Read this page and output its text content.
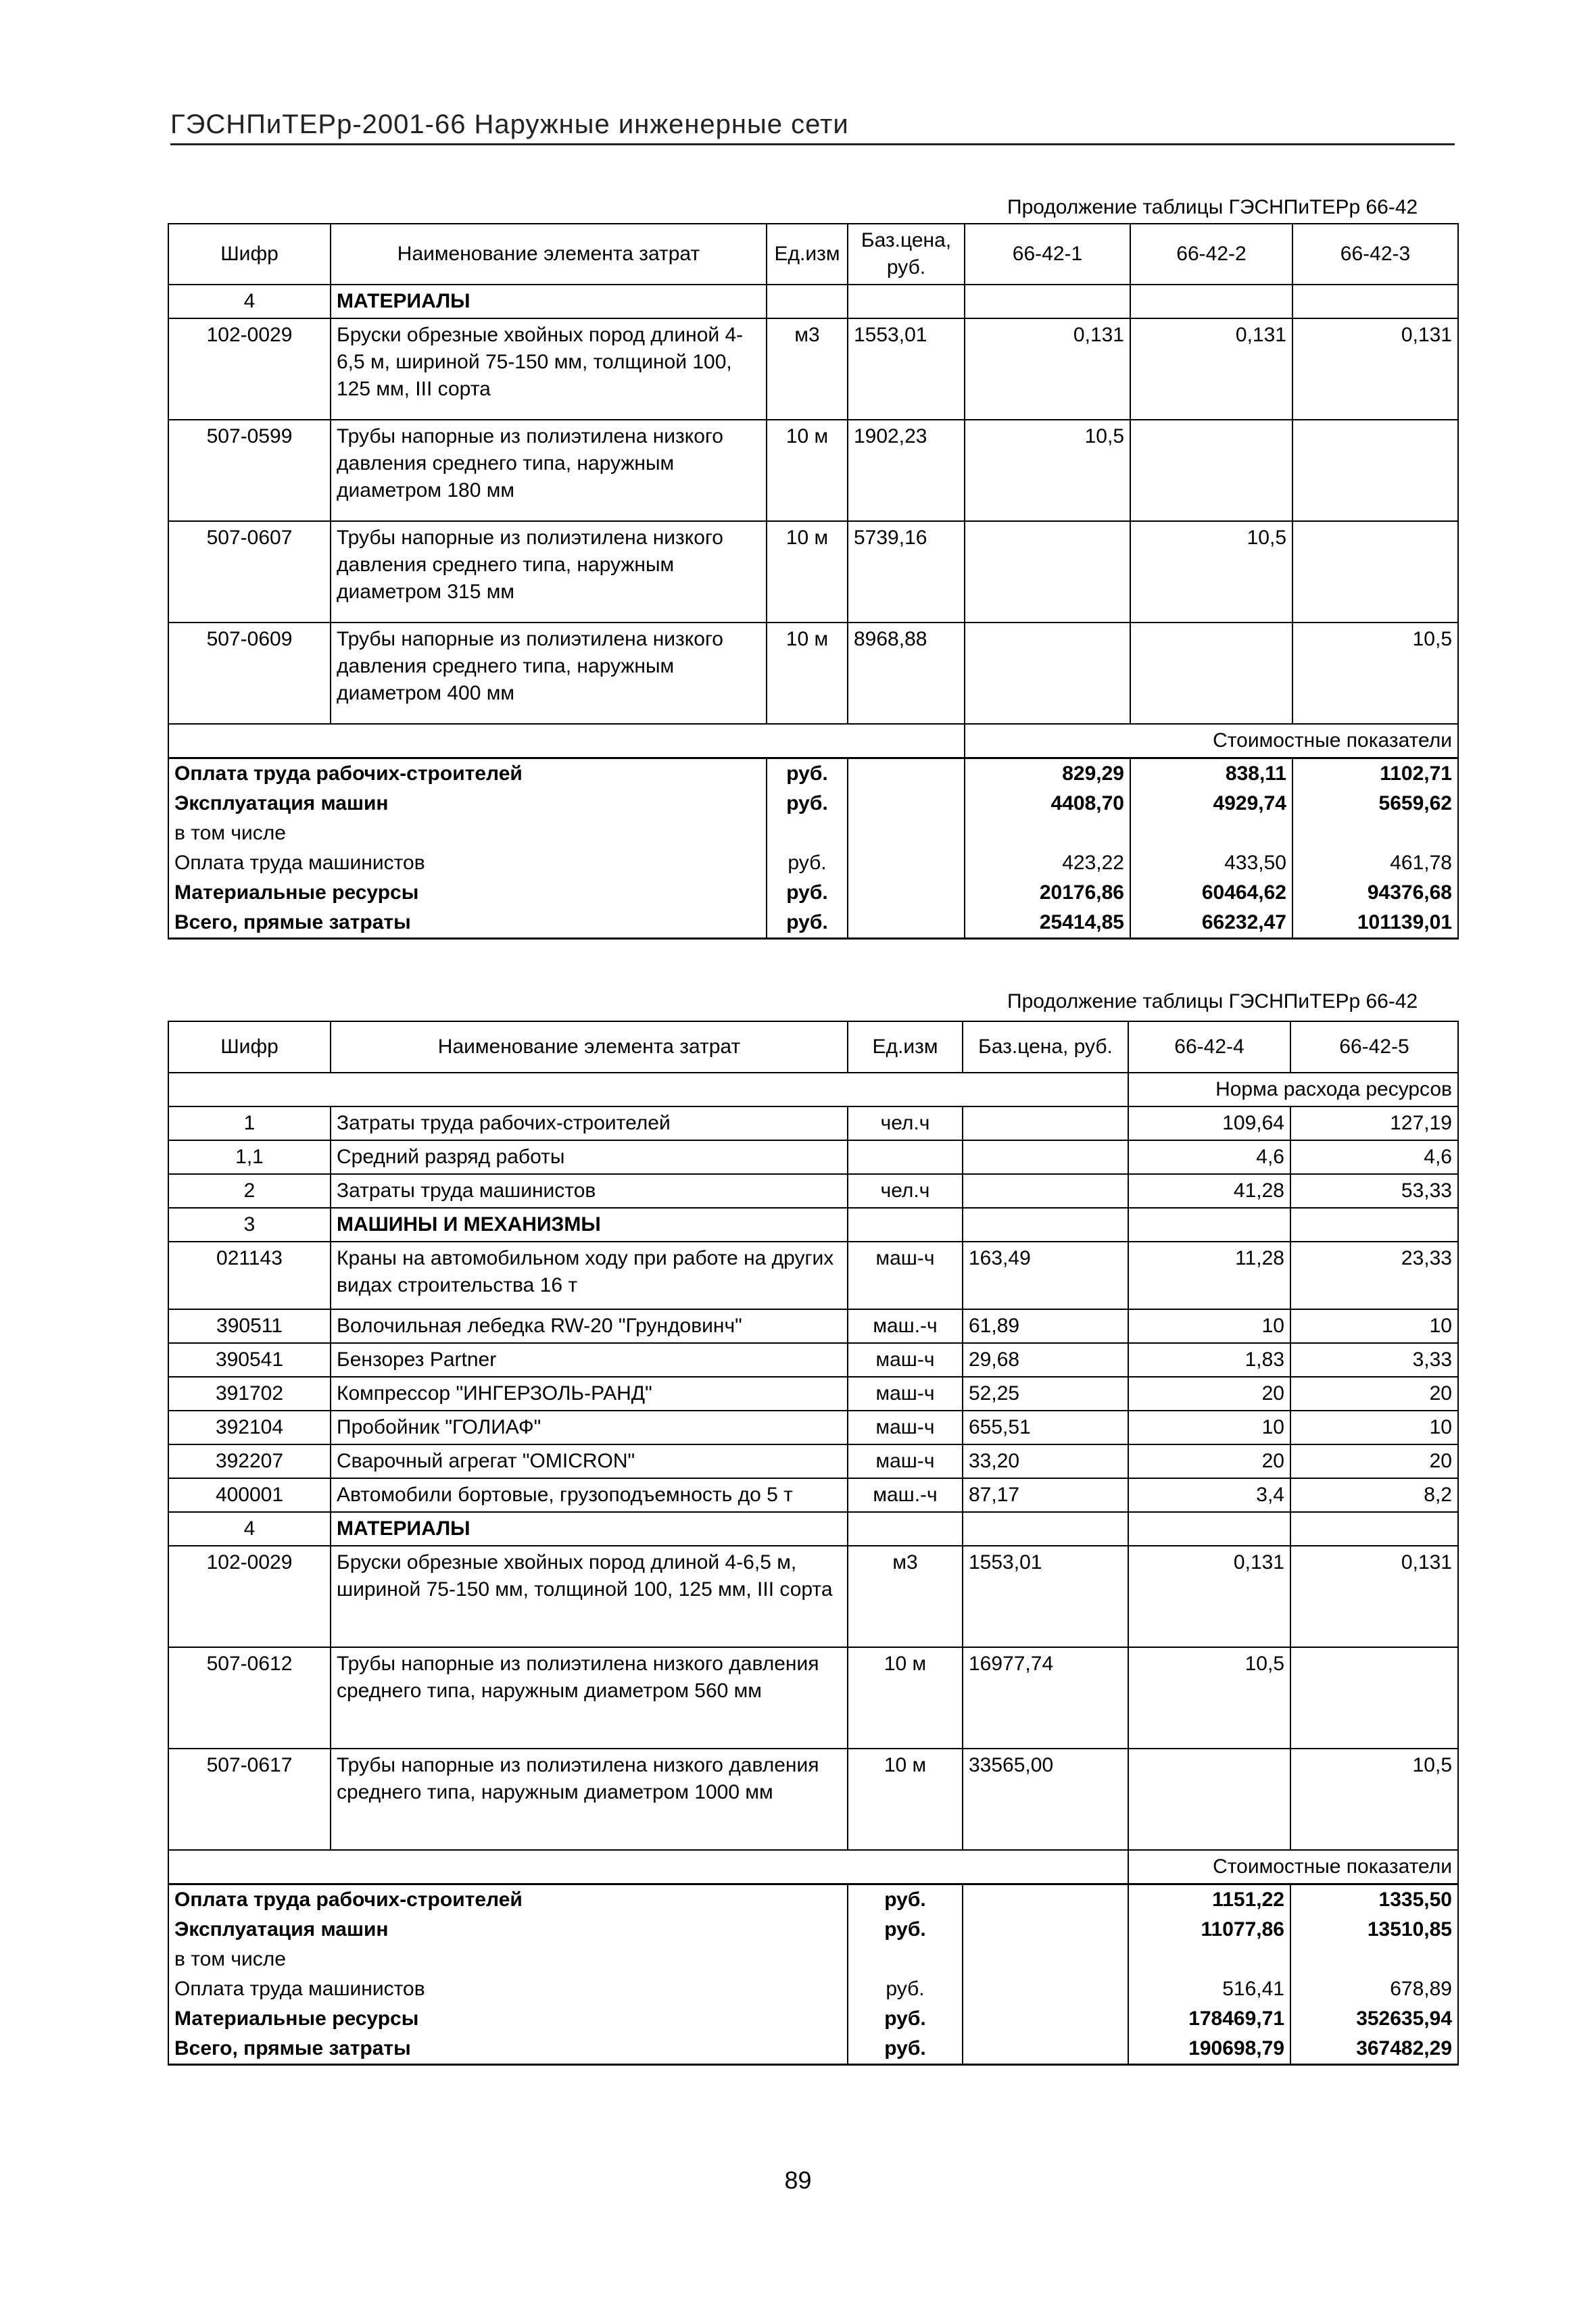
ГЭСНПиТЕРр-2001-66 Наружные инженерные сети
Продолжение таблицы ГЭСНПиТЕРр 66-42
Шифр	Наименование элемента затрат	Ед.изм	Баз.цена, руб.	66-42-1	66-42-2	66-42-3
4	МАТЕРИАЛЫ					
102-0029	Бруски обрезные хвойных пород длиной 4-6,5 м, шириной 75-150 мм, толщиной 100, 125 мм, III сорта	м3	1553,01	0,131	0,131	0,131
507-0599	Трубы напорные из полиэтилена низкого давления среднего типа, наружным диаметром 180 мм	10 м	1902,23	10,5		
507-0607	Трубы напорные из полиэтилена низкого давления среднего типа, наружным диаметром 315 мм	10 м	5739,16		10,5	
507-0609	Трубы напорные из полиэтилена низкого давления среднего типа, наружным диаметром 400 мм	10 м	8968,88			10,5
				Стоимостные показатели		
Оплата труда рабочих-строителей		руб.		829,29	838,11	1102,71
Эксплуатация машин		руб.		4408,70	4929,74	5659,62
в том числе						
Оплата труда машинистов		руб.		423,22	433,50	461,78
Материальные ресурсы		руб.		20176,86	60464,62	94376,68
Всего, прямые затраты		руб.		25414,85	66232,47	101139,01
Продолжение таблицы ГЭСНПиТЕРр 66-42
Шифр	Наименование элемента затрат	Ед.изм	Баз.цена, руб.	66-42-4	66-42-5
				Норма расхода ресурсов	
1	Затраты труда рабочих-строителей	чел.ч		109,64	127,19
1,1	Средний разряд работы			4,6	4,6
2	Затраты труда машинистов	чел.ч		41,28	53,33
3	МАШИНЫ И МЕХАНИЗМЫ				
021143	Краны на автомобильном ходу при работе на других видах строительства 16 т	маш-ч	163,49	11,28	23,33
390511	Волочильная лебедка RW-20 "Грундовинч"	маш.-ч	61,89	10	10
390541	Бензорез Partner	маш-ч	29,68	1,83	3,33
391702	Компрессор "ИНГЕРЗОЛЬ-РАНД"	маш-ч	52,25	20	20
392104	Пробойник "ГОЛИАФ"	маш-ч	655,51	10	10
392207	Сварочный агрегат "OMICRON"	маш-ч	33,20	20	20
400001	Автомобили бортовые, грузоподъемность до 5 т	маш.-ч	87,17	3,4	8,2
4	МАТЕРИАЛЫ				
102-0029	Бруски обрезные хвойных пород длиной 4-6,5 м, шириной 75-150 мм, толщиной 100, 125 мм, III сорта	м3	1553,01	0,131	0,131
507-0612	Трубы напорные из полиэтилена низкого давления среднего типа, наружным диаметром 560 мм	10 м	16977,74	10,5	
507-0617	Трубы напорные из полиэтилена низкого давления среднего типа, наружным диаметром 1000 мм	10 м	33565,00		10,5
				Стоимостные показатели	
Оплата труда рабочих-строителей		руб.		1151,22	1335,50
Эксплуатация машин		руб.		11077,86	13510,85
в том числе					
Оплата труда машинистов		руб.		516,41	678,89
Материальные ресурсы		руб.		178469,71	352635,94
Всего, прямые затраты		руб.		190698,79	367482,29
89
